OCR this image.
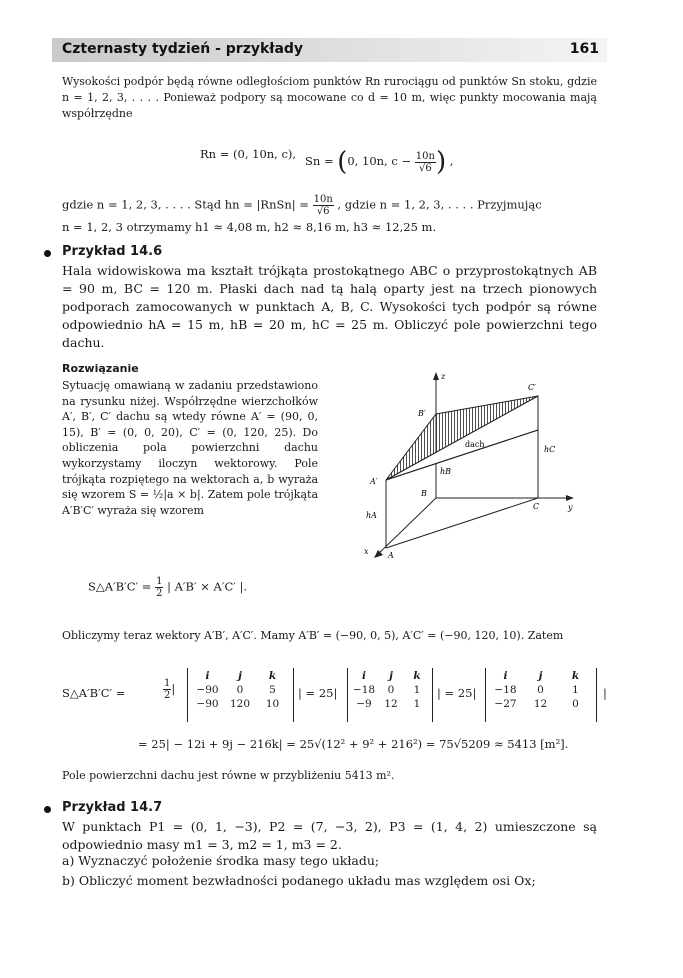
Czternasty tydzień - przykłady	161
Wysokości podpór będą równe odległościom punktów Rn rurociągu od punktów Sn stoku, gdzie n = 1, 2, 3, . . . . Ponieważ podpory są mocowane co d = 10 m, więc punkty mocowania mają współrzędne
Rn = (0, 10n, c), Sn = (0, 10n, $c - \frac{10n}{√6}$ ) ,
gdzie n = 1, 2, 3, . . . . Stąd hn = |RnSn| = $\frac{10n}{√6}$ , gdzie n = 1, 2, 3, . . . . Przyjmując
n = 1, 2, 3 otrzymamy h1 ≈ 4,08 m, h2 ≈ 8,16 m, h3 ≈ 12,25 m.
Przykład 14.6
Hala widowiskowa ma kształt trójkąta prostokątnego ABC o przyprostokątnych AB = 90 m, BC = 120 m. Płaski dach nad tą halą oparty jest na trzech pionowych podporach zamocowanych w punktach A, B, C. Wysokości tych podpór są równe odpowiednio hA = 15 m, hB = 20 m, hC = 25 m. Obliczyć pole powierzchni tego dachu.
Rozwiązanie
Sytuację omawianą w zadaniu przedstawiono na rysunku niżej. Współrzędne wierzchołków A′, B′, C′ dachu są wtedy równe A′ = (90, 0, 15), B′ = (0, 0, 20), C′ = (0, 120, 25). Do obliczenia pola powierzchni dachu wykorzystamy iloczyn wektorowy. Pole trójkąta rozpiętego na wektorach a, b wyraża się wzorem S = ½|a × b|. Zatem pole trójkąta A′B′C′ wyraża się wzorem
z
y
x A
B
C
A′
B′
C′
dach
hA
hB
hC
S△A′B′C′ = $\frac{1}{2}$ | A′B′ × A′C′ |.
Obliczymy teraz wektory A′B′, A′C′. Mamy A′B′ = (−90, 0, 5), A′C′ = (−90, 120, 10). Zatem
S△A′B′C′ =	$\frac{1}{2}$ |
i	j	k
−90	0	5
−90	120	10
| = 25|
i	j	k
−18	0	1
−9	12	1
| = 25|
i	j	k
−18	0	1
−27	12	0
|
= 25| − 12i + 9j − 216k| = 25√(12² + 9² + 216²) = 75√5209 ≈ 5413 [m²].
Pole powierzchni dachu jest równe w przybliżeniu 5413 m².
Przykład 14.7
W punktach P1 = (0, 1, −3), P2 = (7, −3, 2), P3 = (1, 4, 2) umieszczone są odpowiednio masy m1 = 3, m2 = 1, m3 = 2.
a) Wyznaczyć położenie środka masy tego układu;
b) Obliczyć moment bezwładności podanego układu mas względem osi Ox;
